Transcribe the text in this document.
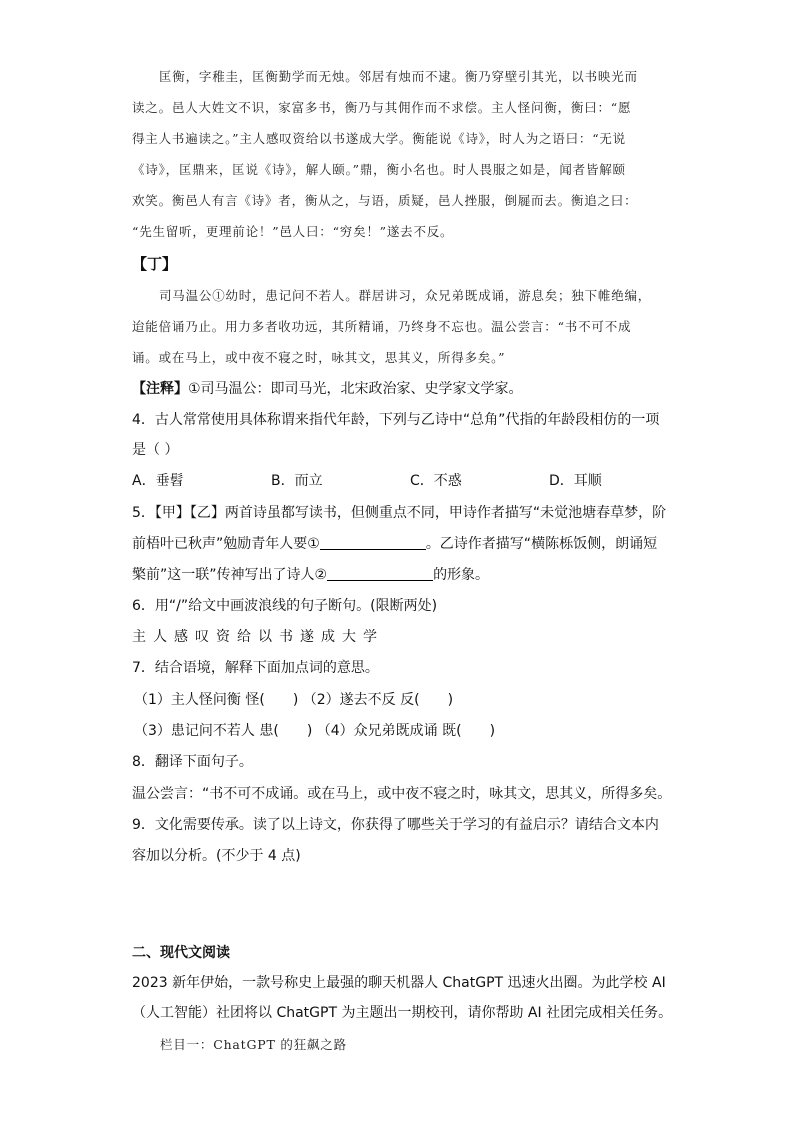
匡衡，字稚圭，匡衡勤学而无烛。邻居有烛而不逮。衡乃穿壁引其光，以书映光而
读之。邑人大姓文不识，家富多书，衡乃与其佣作而不求偿。主人怪问衡，衡曰：“愿
得主人书遍读之。”主人感叹资给以书遂成大学。衡能说《诗》，时人为之语曰：“无说
《诗》，匡鼎来，匡说《诗》，解人颐。”鼎，衡小名也。时人畏服之如是，闻者皆解颐
欢笑。衡邑人有言《诗》者，衡从之，与语，质疑，邑人挫服，倒屣而去。衡追之曰：
“先生留听，更理前论！”邑人曰：“穷矣！”遂去不反。
【丁】
司马温公①幼时，患记问不若人。群居讲习，众兄弟既成诵，游息矣；独下帷绝编，
迨能倍诵乃止。用力多者收功远，其所精诵，乃终身不忘也。温公尝言：“书不可不成
诵。或在马上，或中夜不寝之时，咏其文，思其义，所得多矣。”
【注释】①司马温公：即司马光，北宋政治家、史学家文学家。
4．古人常常使用具体称谓来指代年龄，下列与乙诗中“总角”代指的年龄段相仿的一项
是（ ）
A．垂髫	B．而立	C．不惑	D．耳顺
5．【甲】【乙】两首诗虽都写读书，但侧重点不同，甲诗作者描写“未觉池塘春草梦，阶
前梧叶已秋声”勉励青年人要①	。乙诗作者描写“横陈栎饭侧，朗诵短
檠前”这一联”传神写出了诗人②	的形象。
6．用“/”给文中画波浪线的句子断句。(限断两处)
主人感叹资给以书遂成大学
7．结合语境，解释下面加点词的意思。
（1）主人怪问衡 怪( ) （2）遂去不反 反( )
（3）患记问不若人 患( ) （4）众兄弟既成诵 既( )
8．翻译下面句子。
温公尝言：“书不可不成诵。或在马上，或中夜不寝之时，咏其文，思其义，所得多矣。
9．文化需要传承。读了以上诗文，你获得了哪些关于学习的有益启示？请结合文本内
容加以分析。(不少于 4 点)
二、现代文阅读
2023 新年伊始，一款号称史上最强的聊天机器人 ChatGPT 迅速火出圈。为此学校 AI
（人工智能）社团将以 ChatGPT 为主题出一期校刊，请你帮助 AI 社团完成相关任务。
栏目一：ChatGPT 的狂飙之路
